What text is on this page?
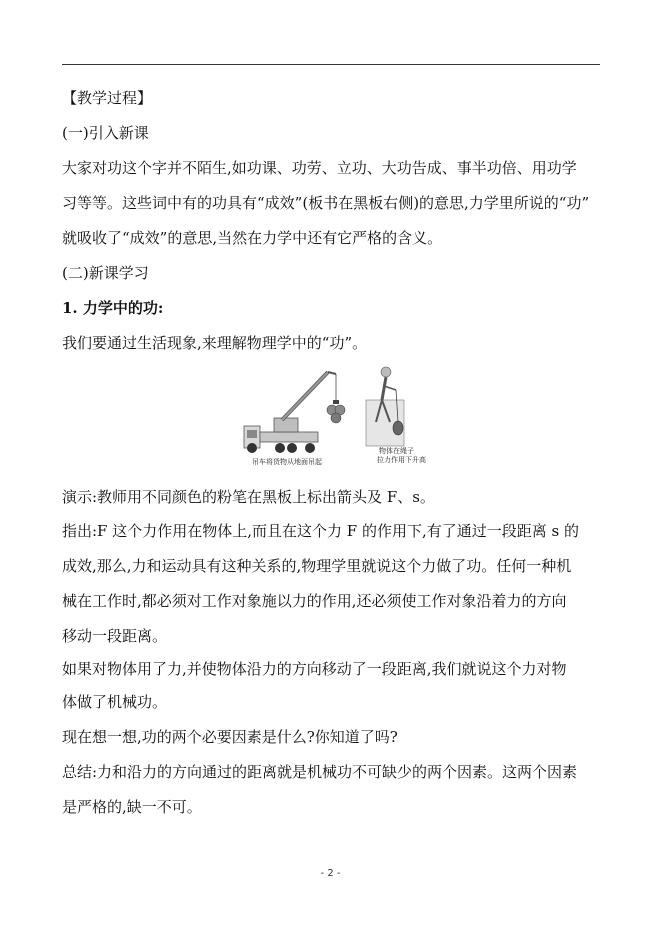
【教学过程】
(一)引入新课
大家对功这个字并不陌生,如功课、功劳、立功、大功告成、事半功倍、用功学
习等等。这些词中有的功具有“成效”(板书在黑板右侧)的意思,力学里所说的“功”
就吸收了“成效”的意思,当然在力学中还有它严格的含义。
(二)新课学习
1. 力学中的功:
我们要通过生活现象,来理解物理学中的“功”。
吊车将货物从地面吊起
物体在绳子
拉力作用下升高
演示:教师用不同颜色的粉笔在黑板上标出箭头及 F、s。
指出:F 这个力作用在物体上,而且在这个力 F 的作用下,有了通过一段距离 s 的
成效,那么,力和运动具有这种关系的,物理学里就说这个力做了功。任何一种机
械在工作时,都必须对工作对象施以力的作用,还必须使工作对象沿着力的方向
移动一段距离。
如果对物体用了力,并使物体沿力的方向移动了一段距离,我们就说这个力对物
体做了机械功。
现在想一想,功的两个必要因素是什么?你知道了吗?
总结:力和沿力的方向通过的距离就是机械功不可缺少的两个因素。这两个因素
是严格的,缺一不可。
- 2 -
